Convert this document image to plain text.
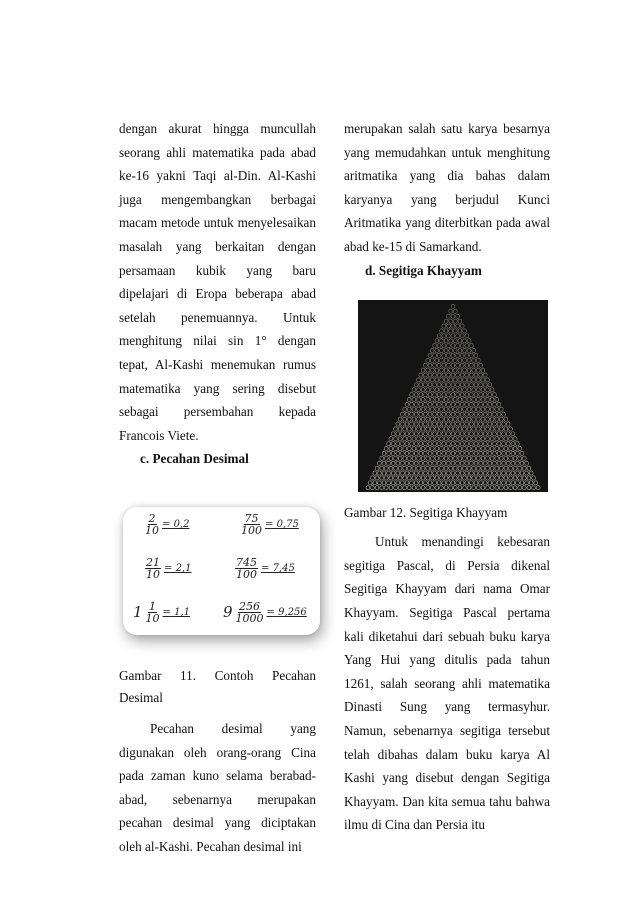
dengan akurat hingga muncullah seorang ahli matematika pada abad ke-16 yakni Taqi al-Din. Al-Kashi juga mengembangkan berbagai macam metode untuk menyelesaikan masalah yang berkaitan dengan persamaan kubik yang baru dipelajari di Eropa beberapa abad setelah penemuannya. Untuk menghitung nilai sin 1° dengan tepat, Al-Kashi menemukan rumus matematika yang sering disebut sebagai persembahan kepada Francois Viete.

c. Pecahan Desimal

$\frac{2}{10} = 0,2$	$\frac{75}{100} = 0,75$
$\frac{21}{10} = 2,1$	$\frac{745}{100} = 7,45$
$1 \frac{1}{10} = 1,1$ $9 \frac{256}{1000} = 9,256$

Gambar 11. Contoh Pecahan Desimal

Pecahan desimal yang digunakan oleh orang-orang Cina pada zaman kuno selama berabad-abad, sebenarnya merupakan pecahan desimal yang diciptakan oleh al-Kashi. Pecahan desimal ini

merupakan salah satu karya besarnya yang memudahkan untuk menghitung aritmatika yang dia bahas dalam karyanya yang berjudul Kunci Aritmatika yang diterbitkan pada awal abad ke-15 di Samarkand.

d. Segitiga Khayyam

Gambar 12. Segitiga Khayyam

Untuk menandingi kebesaran segitiga Pascal, di Persia dikenal Segitiga Khayyam dari nama Omar Khayyam. Segitiga Pascal pertama kali diketahui dari sebuah buku karya Yang Hui yang ditulis pada tahun 1261, salah seorang ahli matematika Dinasti Sung yang termasyhur. Namun, sebenarnya segitiga tersebut telah dibahas dalam buku karya Al Kashi yang disebut dengan Segitiga Khayyam. Dan kita semua tahu bahwa ilmu di Cina dan Persia itu
